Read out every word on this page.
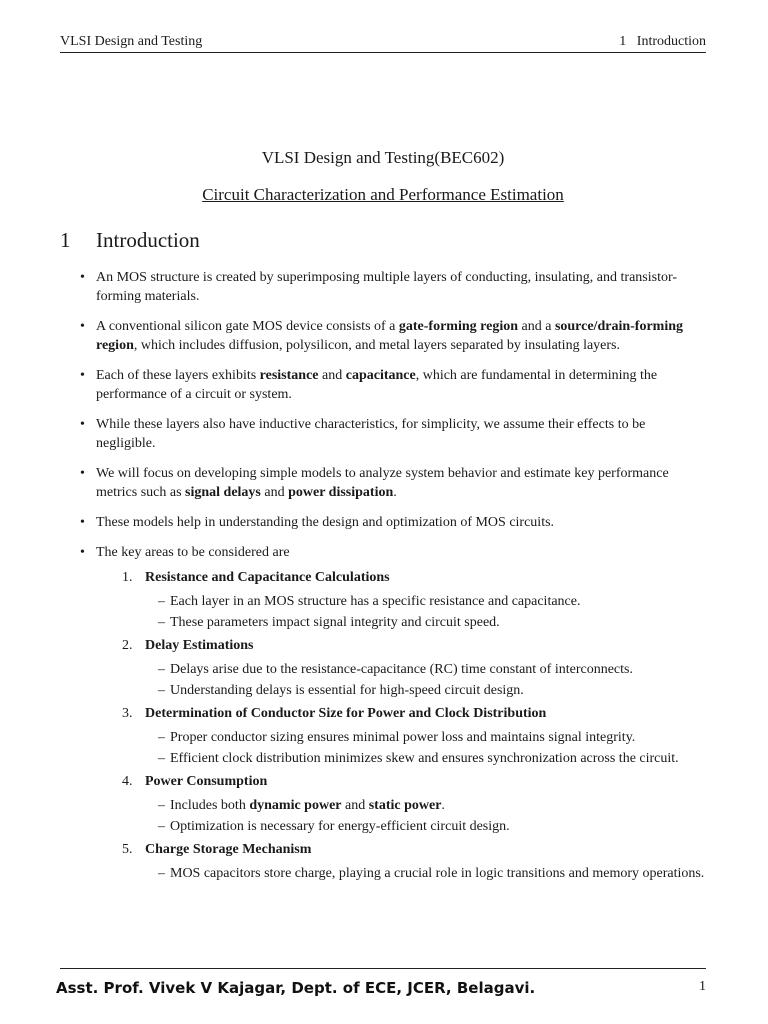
VLSI Design and Testing	1 Introduction

VLSI Design and Testing(BEC602)

Circuit Characterization and Performance Estimation

1 Introduction
• An MOS structure is created by superimposing multiple layers of conducting, insulating, and transistor-forming materials.
• A conventional silicon gate MOS device consists of a gate-forming region and a source/drain-forming region, which includes diffusion, polysilicon, and metal layers separated by insulating layers.
• Each of these layers exhibits resistance and capacitance, which are fundamental in determining the performance of a circuit or system.
• While these layers also have inductive characteristics, for simplicity, we assume their effects to be negligible.
• We will focus on developing simple models to analyze system behavior and estimate key performance metrics such as signal delays and power dissipation.
• These models help in understanding the design and optimization of MOS circuits.
• The key areas to be considered are
1. Resistance and Capacitance Calculations
– Each layer in an MOS structure has a specific resistance and capacitance.
– These parameters impact signal integrity and circuit speed.
2. Delay Estimations
– Delays arise due to the resistance-capacitance (RC) time constant of interconnects.
– Understanding delays is essential for high-speed circuit design.
3. Determination of Conductor Size for Power and Clock Distribution
– Proper conductor sizing ensures minimal power loss and maintains signal integrity.
– Efficient clock distribution minimizes skew and ensures synchronization across the circuit.
4. Power Consumption
– Includes both dynamic power and static power.
– Optimization is necessary for energy-efficient circuit design.
5. Charge Storage Mechanism
– MOS capacitors store charge, playing a crucial role in logic transitions and memory operations.
Asst. Prof. Vivek V Kajagar, Dept. of ECE, JCER, Belagavi.	1
